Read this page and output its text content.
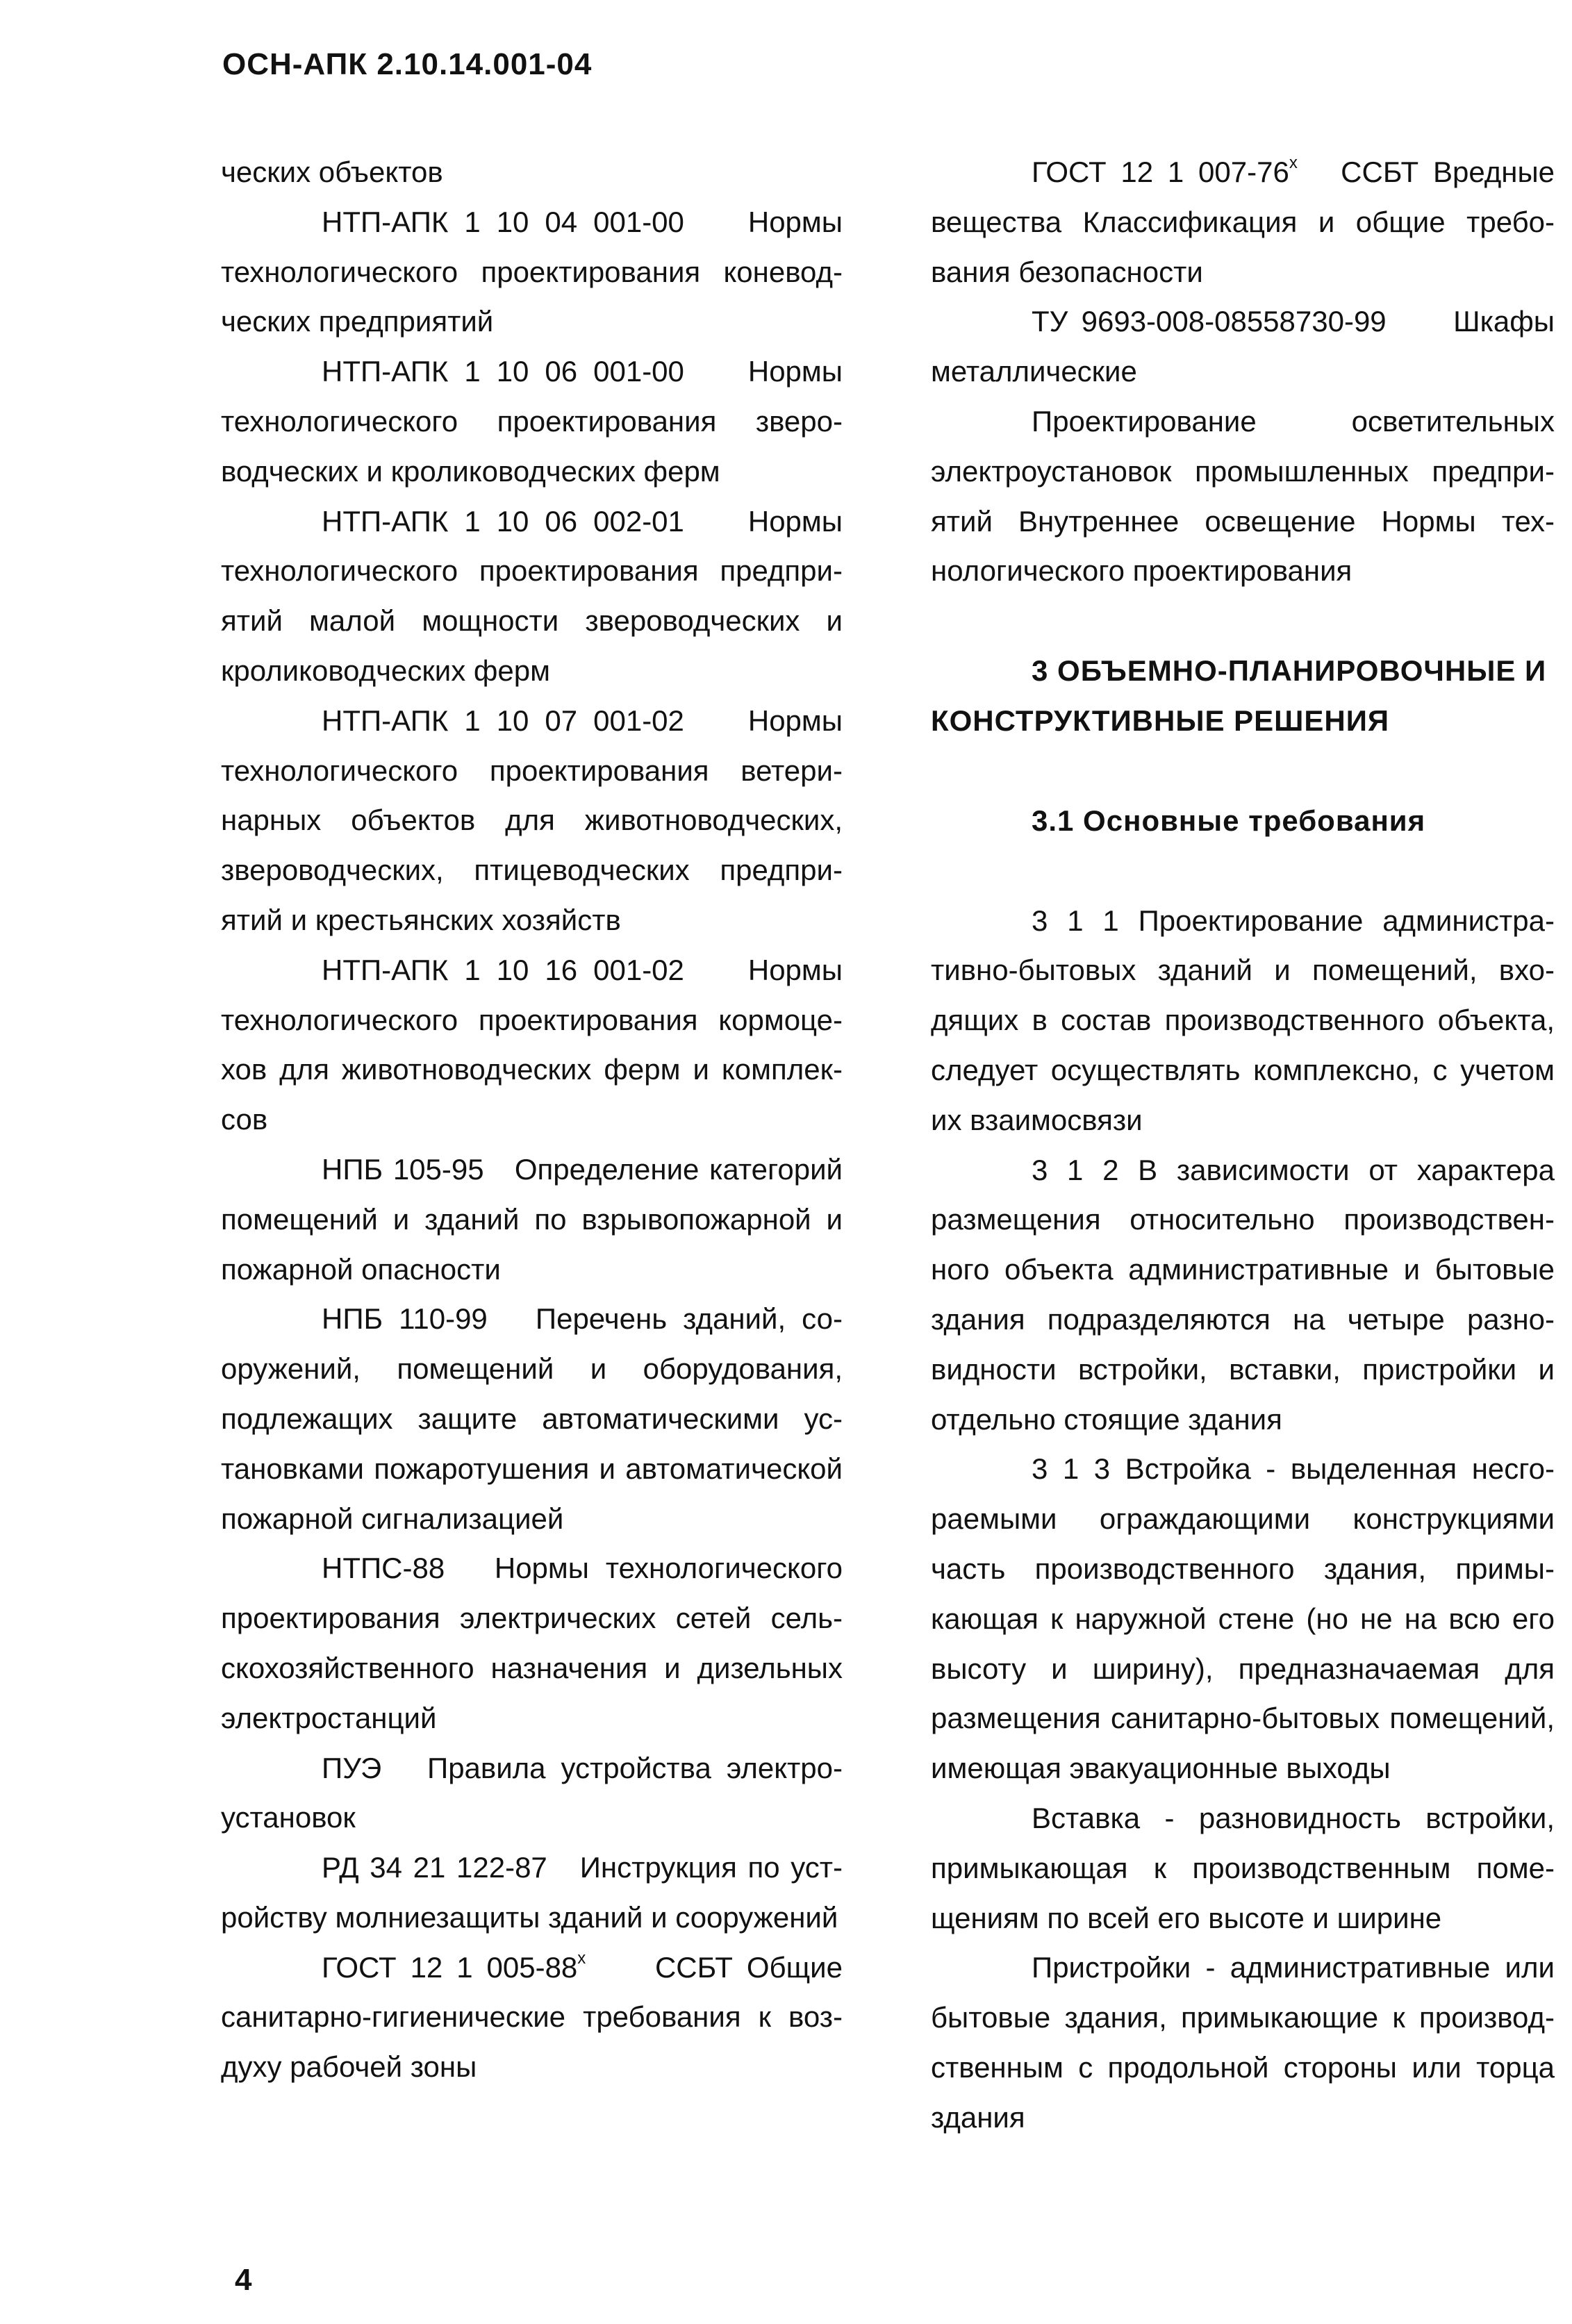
ОСН-АПК 2.10.14.001-04

ческих объектов

НТП-АПК 1 10 04 001-00 Нормы технологического проектирования коневодческих предприятий

НТП-АПК 1 10 06 001-00 Нормы технологического проектирования звероводческих и кролиководческих ферм

НТП-АПК 1 10 06 002-01 Нормы технологического проектирования предприятий малой мощности звероводческих и кролиководческих ферм

НТП-АПК 1 10 07 001-02 Нормы технологического проектирования ветеринарных объектов для животноводческих, звероводческих, птицеводческих предприятий и крестьянских хозяйств

НТП-АПК 1 10 16 001-02 Нормы технологического проектирования кормоцехов для животноводческих ферм и комплексов

НПБ 105-95 Определение категорий помещений и зданий по взрывопожарной и пожарной опасности

НПБ 110-99 Перечень зданий, сооружений, помещений и оборудования, подлежащих защите автоматическими установками пожаротушения и автоматической пожарной сигнализацией

НТПС-88 Нормы технологического проектирования электрических сетей сельскохозяйственного назначения и дизельных электростанций

ПУЭ Правила устройства электроустановок

РД 34 21 122-87 Инструкция по устройству молниезащиты зданий и сооружений

ГОСТ 12 1 $005-88^х$ ССБТ Общие санитарно-гигиенические требования к воздуху рабочей зоны

ГОСТ 12 1 $007-76^х$ ССБТ Вредные вещества Классификация и общие требования безопасности

ТУ 9693-008-08558730-99 Шкафы металлические

Проектирование осветительных электроустановок промышленных предприятий Внутреннее освещение Нормы технологического проектирования

3 ОБЪЕМНО-ПЛАНИРОВОЧНЫЕ И КОНСТРУКТИВНЫЕ РЕШЕНИЯ

3.1 Основные требования

3 1 1 Проектирование административно-бытовых зданий и помещений, входящих в состав производственного объекта, следует осуществлять комплексно, с учетом их взаимосвязи

3 1 2 В зависимости от характера размещения относительно производственного объекта административные и бытовые здания подразделяются на четыре разновидности встройки, вставки, пристройки и отдельно стоящие здания

3 1 3 Встройка - выделенная несгораемыми ограждающими конструкциями часть производственного здания, примыкающая к наружной стене (но не на всю его высоту и ширину), предназначаемая для размещения санитарно-бытовых помещений, имеющая эвакуационные выходы

Вставка - разновидность встройки, примыкающая к производственным помещениям по всей его высоте и ширине

Пристройки - административные или бытовые здания, примыкающие к производственным с продольной стороны или торца здания

4
